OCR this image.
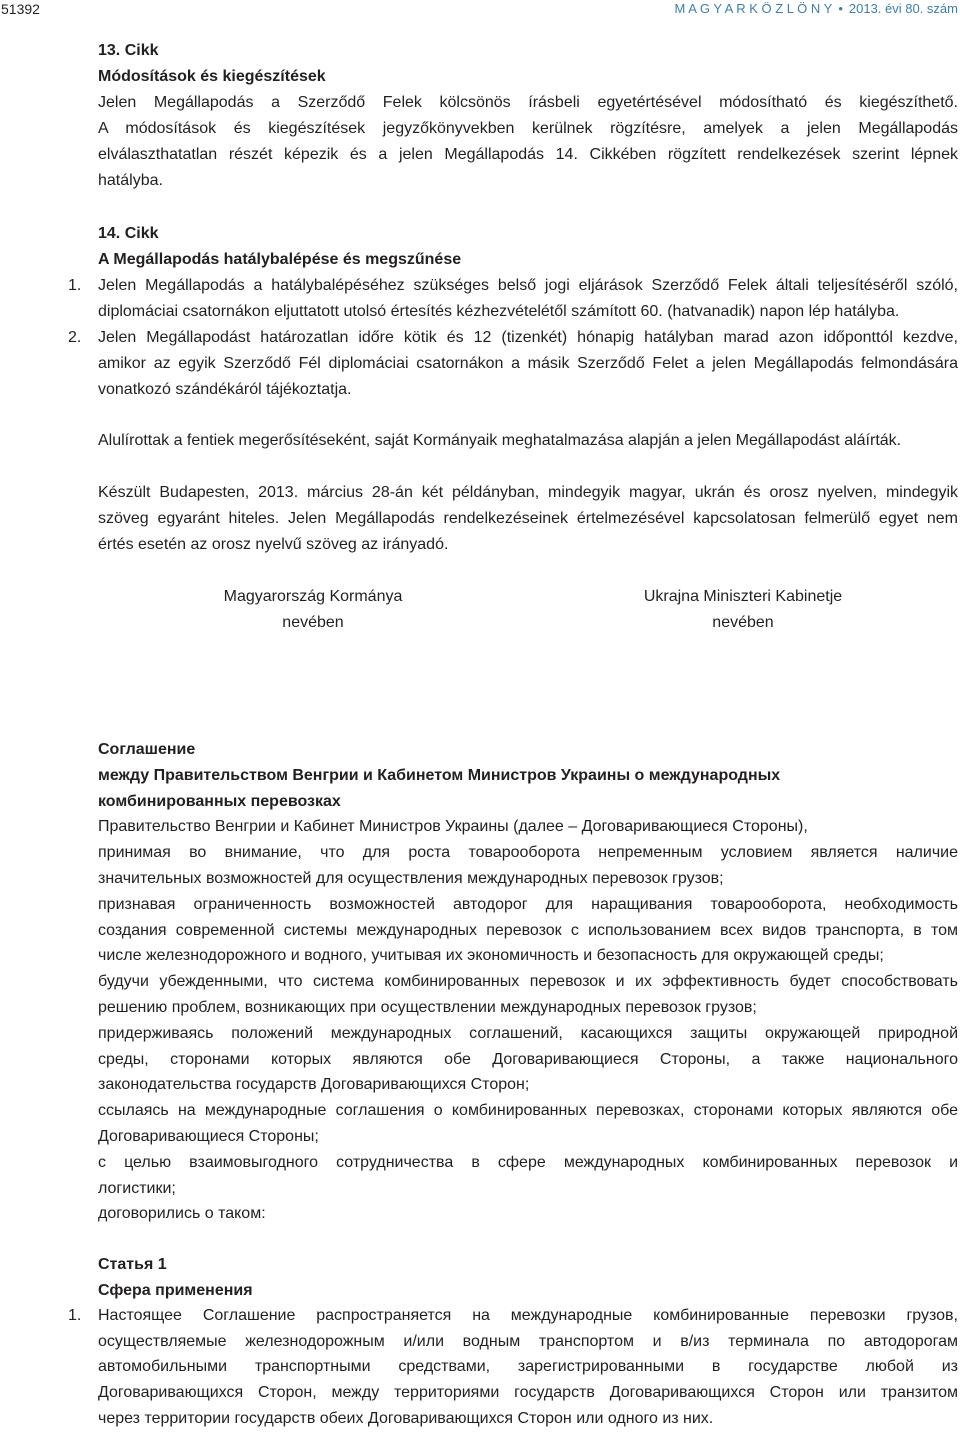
51392	M A G Y A R K Ö Z L Ö N Y • 2013. évi 80. szám
13. Cikk
Módosítások és kiegészítések
Jelen Megállapodás a Szerződő Felek kölcsönös írásbeli egyetértésével módosítható és kiegészíthető.
A módosítások és kiegészítések jegyzőkönyvekben kerülnek rögzítésre, amelyek a jelen Megállapodás
elválaszthatatlan részét képezik és a jelen Megállapodás 14. Cikkében rögzített rendelkezések szerint lépnek
hatályba.
14. Cikk
A Megállapodás hatálybalépése és megszűnése
1. Jelen Megállapodás a hatálybalépéséhez szükséges belső jogi eljárások Szerződő Felek általi teljesítéséről szóló,
diplomáciai csatornákon eljuttatott utolsó értesítés kézhezvételétől számított 60. (hatvanadik) napon lép hatályba.
2. Jelen Megállapodást határozatlan időre kötik és 12 (tizenkét) hónapig hatályban marad azon időponttól kezdve,
amikor az egyik Szerződő Fél diplomáciai csatornákon a másik Szerződő Felet a jelen Megállapodás felmondására
vonatkozó szándékáról tájékoztatja.
Alulírottak a fentiek megerősítéseként, saját Kormányaik meghatalmazása alapján a jelen Megállapodást aláírták.
Készült Budapesten, 2013. március 28-án két példányban, mindegyik magyar, ukrán és orosz nyelven, mindegyik
szöveg egyaránt hiteles. Jelen Megállapodás rendelkezéseinek értelmezésével kapcsolatosan felmerülő egyet nem
értés esetén az orosz nyelvű szöveg az irányadó.
Magyarország Kormánya
nevében
Ukrajna Miniszteri Kabinetje
nevében
Соглашение
между Правительством Венгрии и Кабинетом Министров Украины о международных
комбинированных перевозках
Правительство Венгрии и Кабинет Министров Украины (далее – Договаривающиеся Стороны),
принимая во внимание, что для роста товарооборота непременным условием является наличие
значительных возможностей для осуществления международных перевозок грузов;
признавая ограниченность возможностей автодорог для наращивания товарооборота, необходимость
создания современной системы международных перевозок с использованием всех видов транспорта, в том
числе железнодорожного и водного, учитывая их экономичность и безопасность для окружающей среды;
будучи убежденными, что система комбинированных перевозок и их эффективность будет способствовать
решению проблем, возникающих при осуществлении международных перевозок грузов;
придерживаясь положений международных соглашений, касающихся защиты окружающей природной
среды, сторонами которых являются обе Договаривающиеся Стороны, а также национального
законодательства государств Договаривающихся Сторон;
ссылаясь на международные соглашения о комбинированных перевозках, сторонами которых являются обе
Договаривающиеся Стороны;
с целью взаимовыгодного сотрудничества в сфере международных комбинированных перевозок и
логистики;
договорились о таком:
Статья 1
Сфера применения
1. Настоящее Соглашение распространяется на международные комбинированные перевозки грузов,
осуществляемые железнодорожным и/или водным транспортом и в/из терминала по автодорогам
автомобильными транспортными средствами, зарегистрированными в государстве любой из
Договаривающихся Сторон, между территориями государств Договаривающихся Сторон или транзитом
через территории государств обеих Договаривающихся Сторон или одного из них.
